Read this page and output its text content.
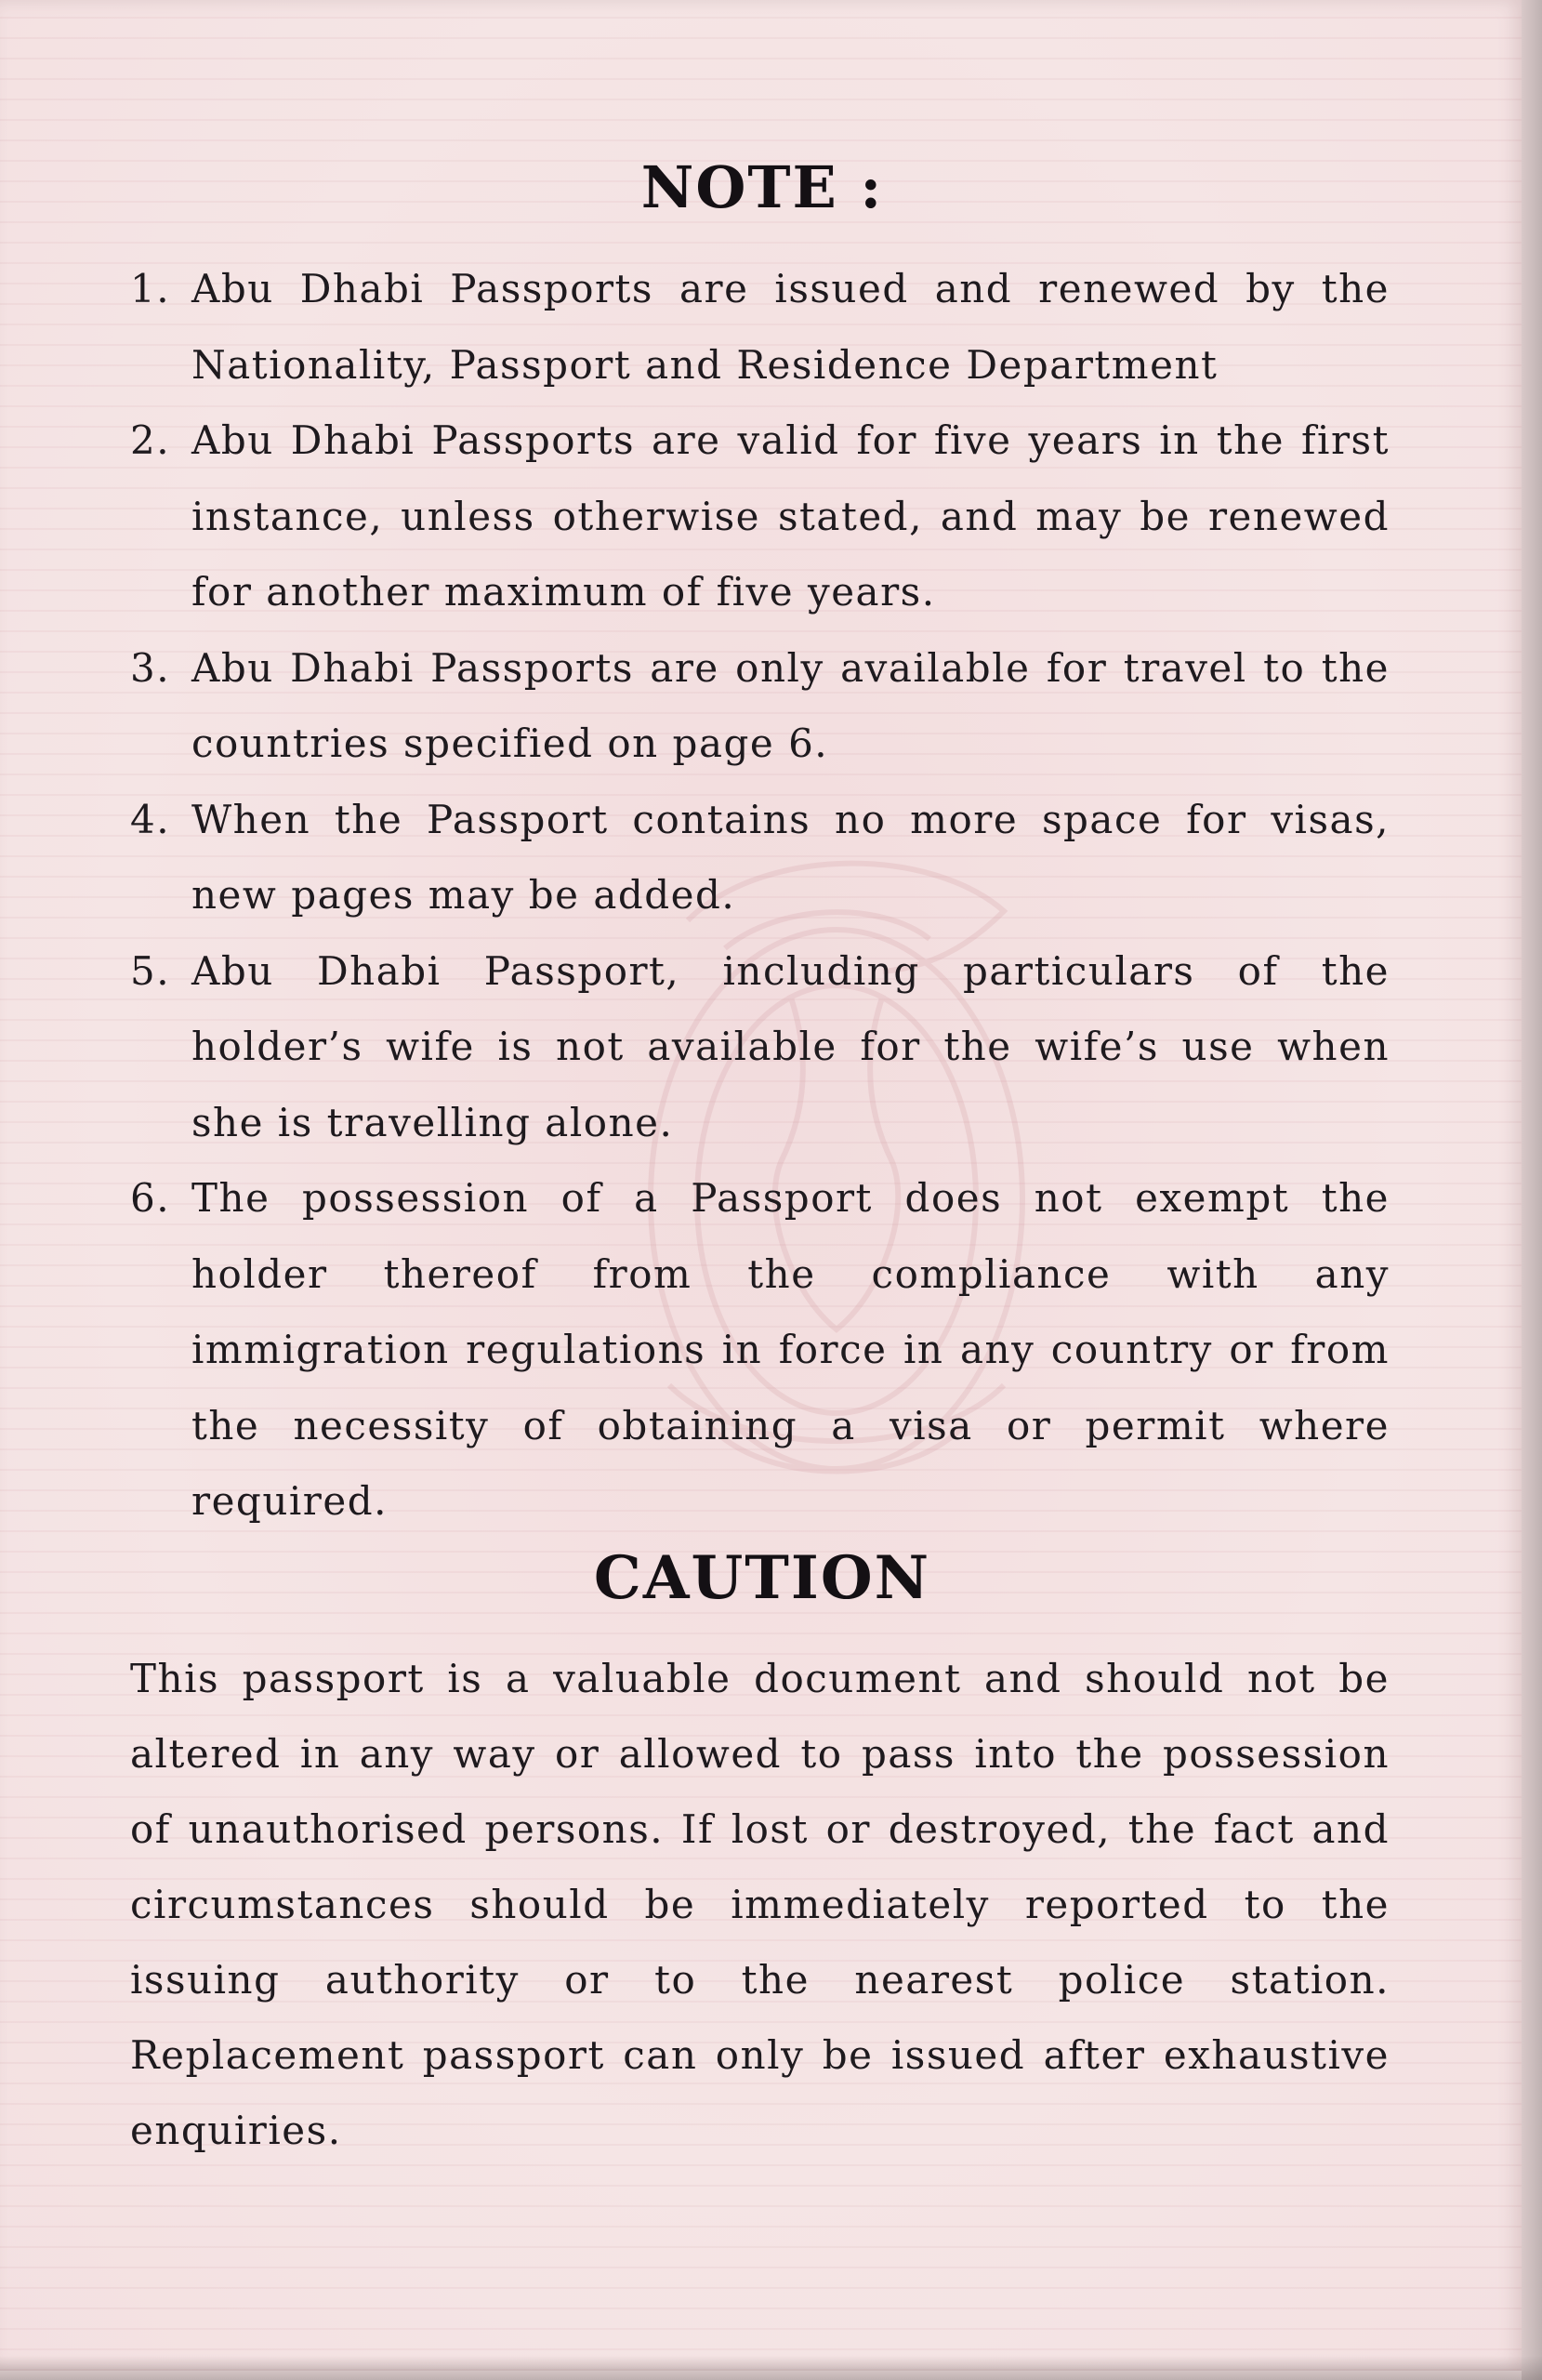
NOTE :
1. Abu Dhabi Passports are issued and renewed by the Nationality, Passport and Residence Department
2. Abu Dhabi Passports are valid for five years in the first instance, unless otherwise stated, and may be renewed for another maximum of five years.
3. Abu Dhabi Passports are only available for travel to the countries specified on page 6.
4. When the Passport contains no more space for visas, new pages may be added.
5. Abu Dhabi Passport, including particulars of the holder’s wife is not available for the wife’s use when she is travelling alone.
6. The possession of a Passport does not exempt the holder thereof from the compliance with any immigration regulations in force in any country or from the necessity of obtaining a visa or permit where required.
CAUTION

This passport is a valuable document and should not be altered in any way or allowed to pass into the possession of unauthorised persons. If lost or destroyed, the fact and circumstances should be immediately reported to the issuing authority or to the nearest police station. Replacement passport can only be issued after exhaustive enquiries.
